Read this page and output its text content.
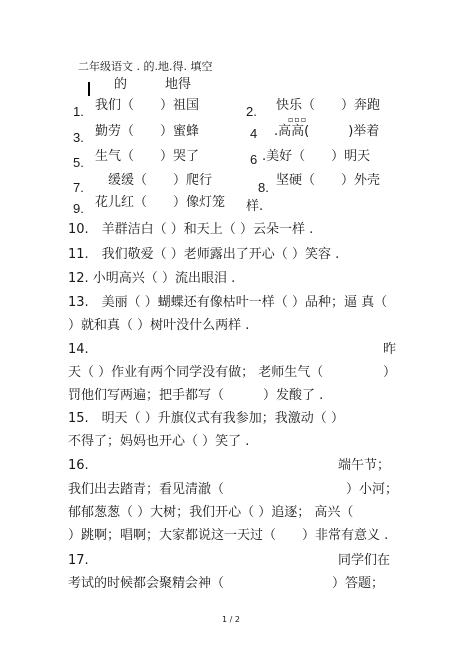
二年级语文 . 的.地.得. 填空
的	地得
1. 我们（　　）祖国	2. 快乐（　　）奔跑
▫▫▫
3. 勤劳（　　）蜜蜂	4 .高高(　　　)举着
5. 生气（　　）哭了	6 .美好（　　）明天
7. 缓缓（　　）爬行	8. 坚硬（　　）外壳
9. 花儿红（　　）像灯笼 样.
10.　羊群洁白（ ）和天上（ ）云朵一样 .
11.　我们敬爱（ ）老师露出了开心（ ）笑容 .
12. 小明高兴（ ）流出眼泪 .
13.　美丽（ ）蝴蝶还有像枯叶一样（ ）品种；逼 真（
）就和真（ ）树叶没什么两样 .
14.	昨
天（ ）作业有两个同学没有做； 老师生气（	）
罚他们写两遍；把手都写（　　　）发酸了 .
15.　明天（ ）升旗仪式有我参加；我激动（ ）
不得了；妈妈也开心（ ）笑了 .
16.	端午节；
我们出去踏青；看见清澈（	）小河；
郁郁葱葱（ ）大树；我们开心（ ）追逐； 高兴（
）跳啊；唱啊；大家都说这一天过（　　）非常有意义 .
17.	同学们在
考试的时候都会聚精会神（	）答题；
1 / 2
